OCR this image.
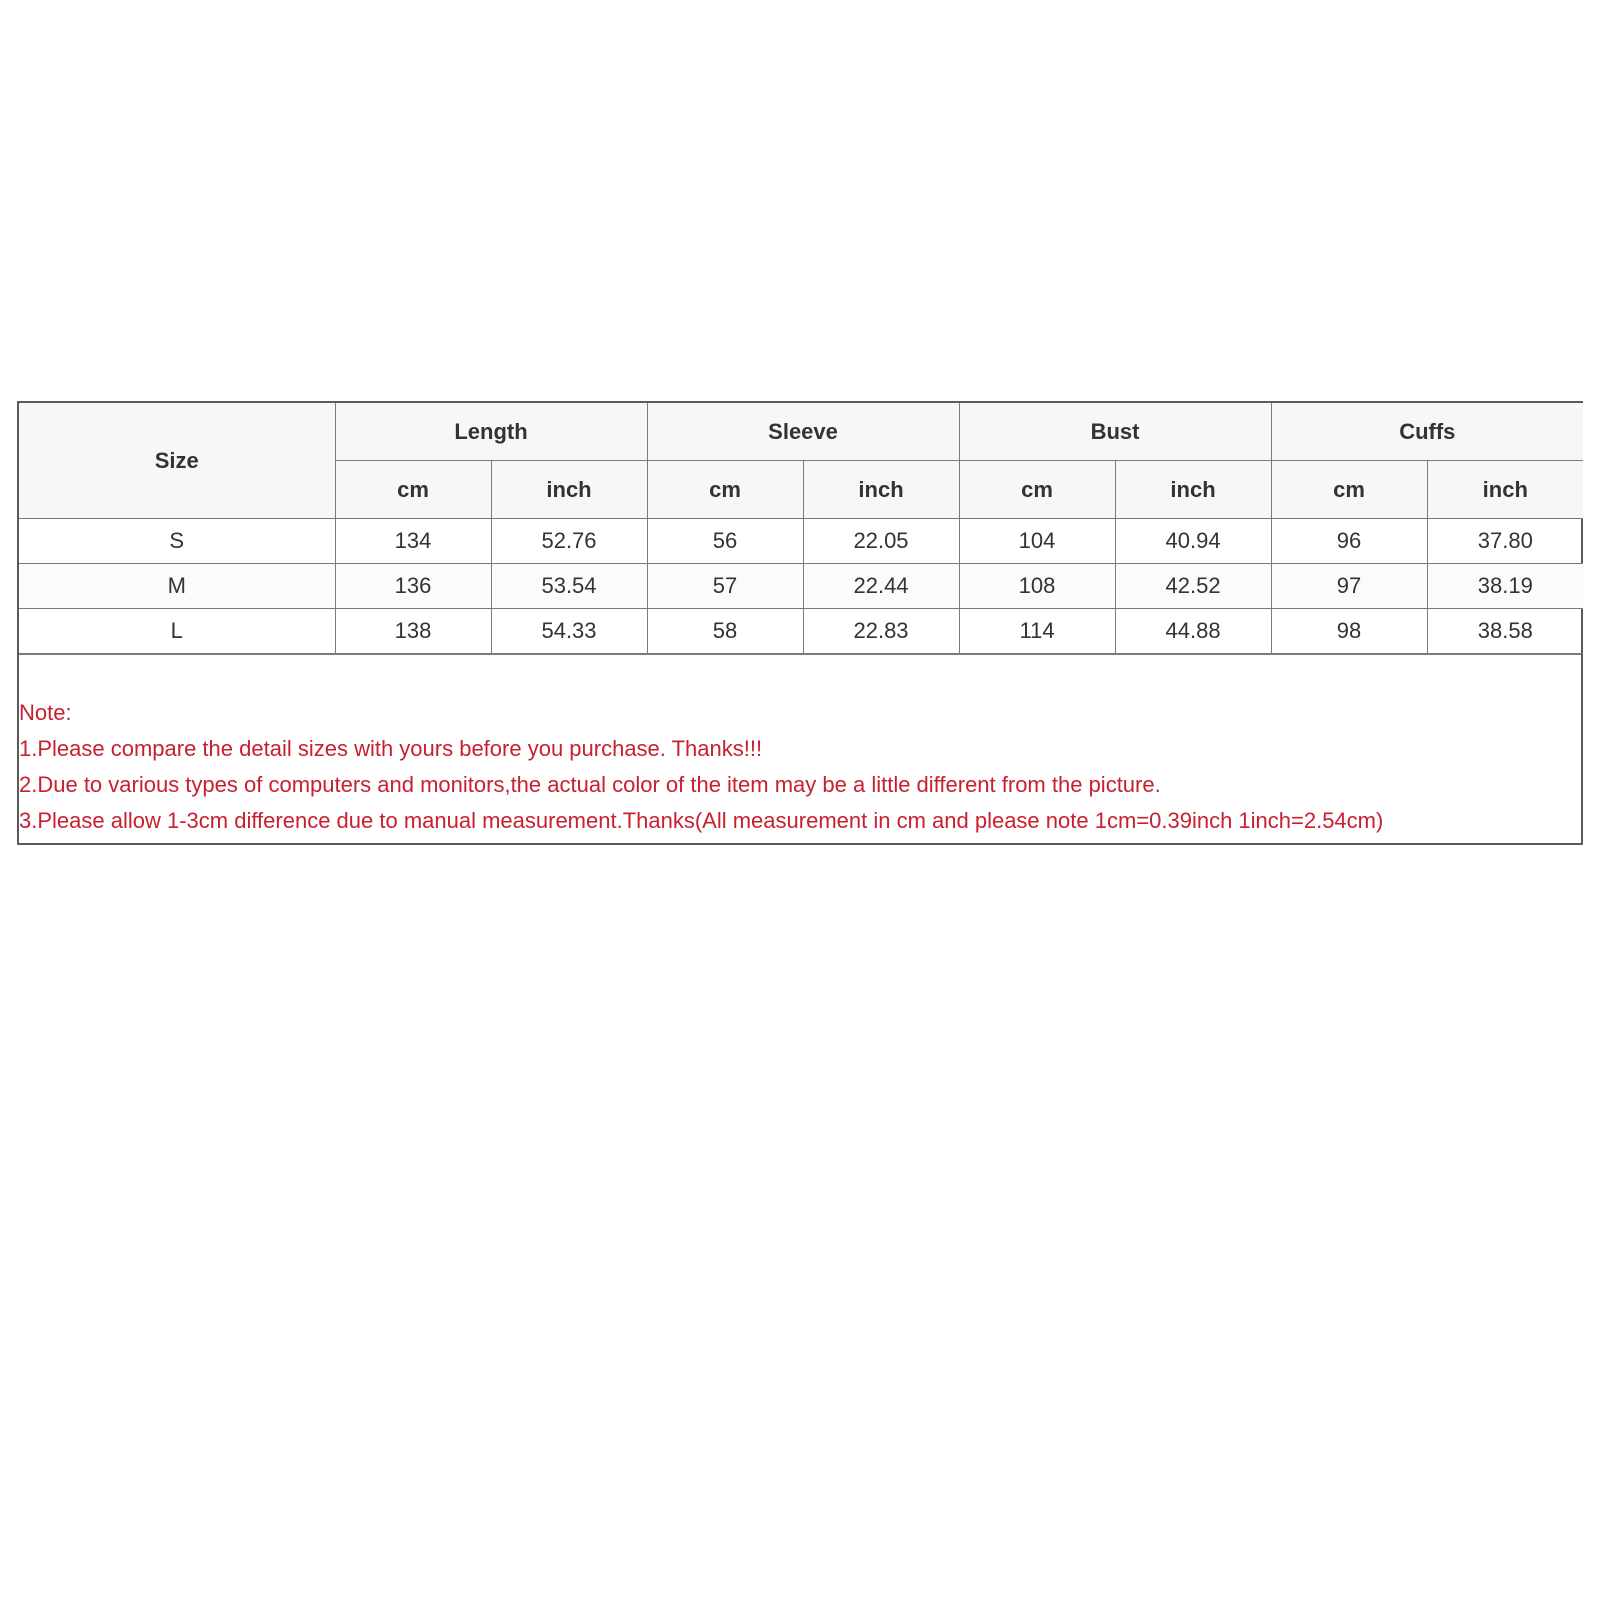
Size	Length		Sleeve		Bust		Cuffs	
	cm	inch	cm	inch	cm	inch	cm	inch
S	134	52.76	56	22.05	104	40.94	96	37.80
M	136	53.54	57	22.44	108	42.52	97	38.19
L	138	54.33	58	22.83	114	44.88	98	38.58
Note:
1.Please compare the detail sizes with yours before you purchase. Thanks!!!
2.Due to various types of computers and monitors,the actual color of the item may be a little different from the picture.
3.Please allow 1-3cm difference due to manual measurement.Thanks(All measurement in cm and please note 1cm=0.39inch 1inch=2.54cm)
